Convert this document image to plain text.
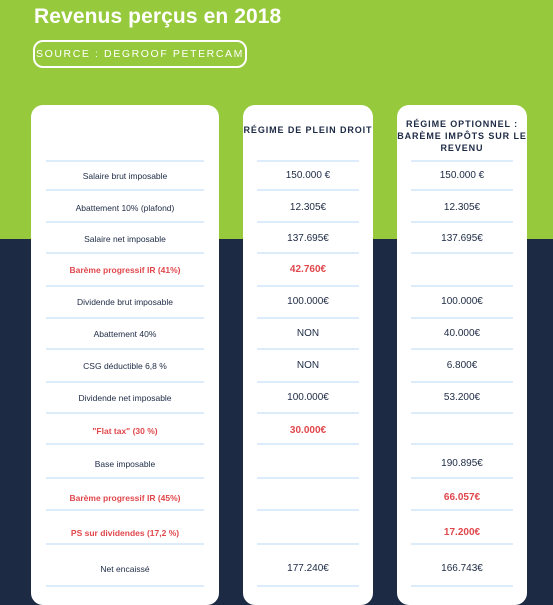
Revenus perçus en 2018
SOURCE : DEGROOF PETERCAM
Salaire brut imposable
Abattement 10% (plafond)
Salaire net imposable
Barème progressif IR (41%)
Dividende brut imposable
Abattement 40%
CSG déductible 6,8 %
Dividende net imposable
"Flat tax" (30 %)
Base imposable
Barème progressif IR (45%)
PS sur dividendes (17,2 %)
Net encaissé
RÉGIME DE PLEIN DROIT
150.000 €
12.305€
137.695€
42.760€
100.000€
NON
NON
100.000€
30.000€
177.240€
RÉGIME OPTIONNEL : BARÈME IMPÔTS SUR LE REVENU
150.000 €
12.305€
137.695€
100.000€
40.000€
6.800€
53.200€
190.895€
66.057€
17.200€
166.743€
